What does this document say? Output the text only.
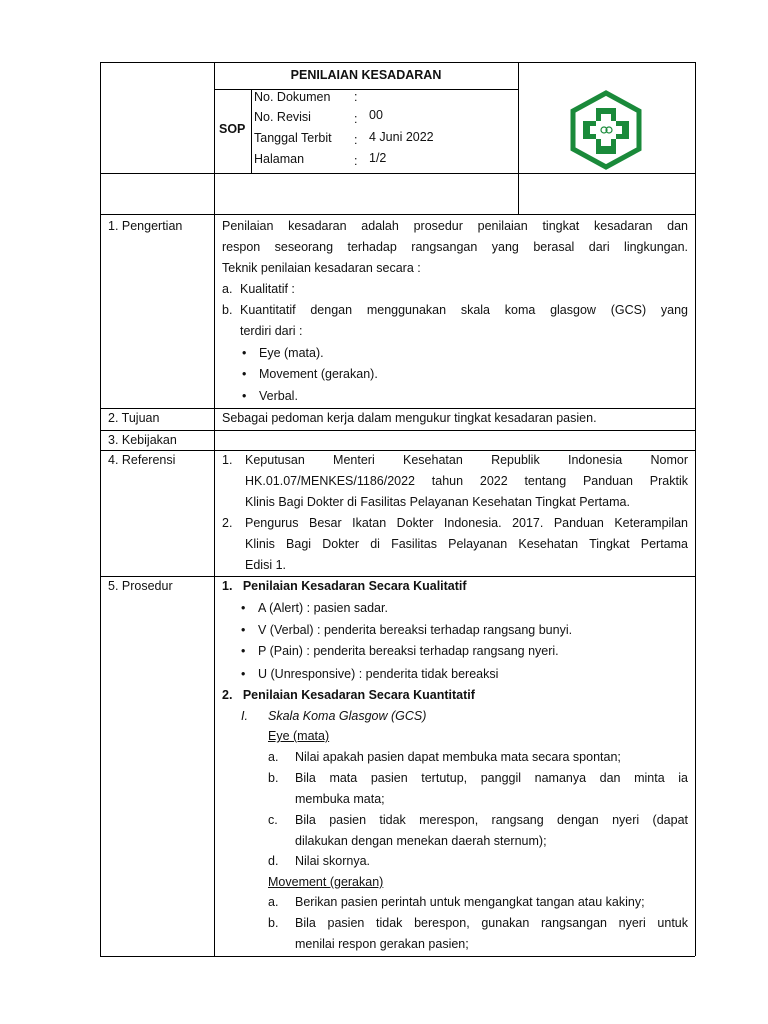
PENILAIAN KESADARAN
SOP
No. Dokumen :
No. Revisi	: 00
Tanggal Terbit : 4 Juni 2022
Halaman	: 1/2
1. Pengertian	Penilaian kesadaran adalah prosedur penilaian tingkat kesadaran dan
respon seseorang terhadap rangsangan yang berasal dari lingkungan.
Teknik penilaian kesadaran secara :
a. Kualitatif :
b. Kuantitatif dengan menggunakan skala koma glasgow (GCS) yang
terdiri dari :
• Eye (mata).
• Movement (gerakan).
• Verbal.
2. Tujuan	Sebagai pedoman kerja dalam mengukur tingkat kesadaran pasien.
3. Kebijakan
4. Referensi	1. Keputusan Menteri Kesehatan Republik Indonesia Nomor
HK.01.07/MENKES/1186/2022 tahun 2022 tentang Panduan Praktik
Klinis Bagi Dokter di Fasilitas Pelayanan Kesehatan Tingkat Pertama.
2. Pengurus Besar Ikatan Dokter Indonesia. 2017. Panduan Keterampilan
Klinis Bagi Dokter di Fasilitas Pelayanan Kesehatan Tingkat Pertama
Edisi 1.
5. Prosedur	1.   Penilaian Kesadaran Secara Kualitatif
• A (Alert) : pasien sadar.
• V (Verbal) : penderita bereaksi terhadap rangsang bunyi.
• P (Pain) : penderita bereaksi terhadap rangsang nyeri.
• U (Unresponsive) : penderita tidak bereaksi
2.   Penilaian Kesadaran Secara Kuantitatif
I. Skala Koma Glasgow (GCS)
Eye (mata)
a. Nilai apakah pasien dapat membuka mata secara spontan;
b. Bila mata pasien tertutup, panggil namanya dan minta ia
membuka mata;
c. Bila pasien tidak merespon, rangsang dengan nyeri (dapat
dilakukan dengan menekan daerah sternum);
d. Nilai skornya.
Movement (gerakan)
a. Berikan pasien perintah untuk mengangkat tangan atau kakiny;
b. Bila pasien tidak berespon, gunakan rangsangan nyeri untuk
menilai respon gerakan pasien;
